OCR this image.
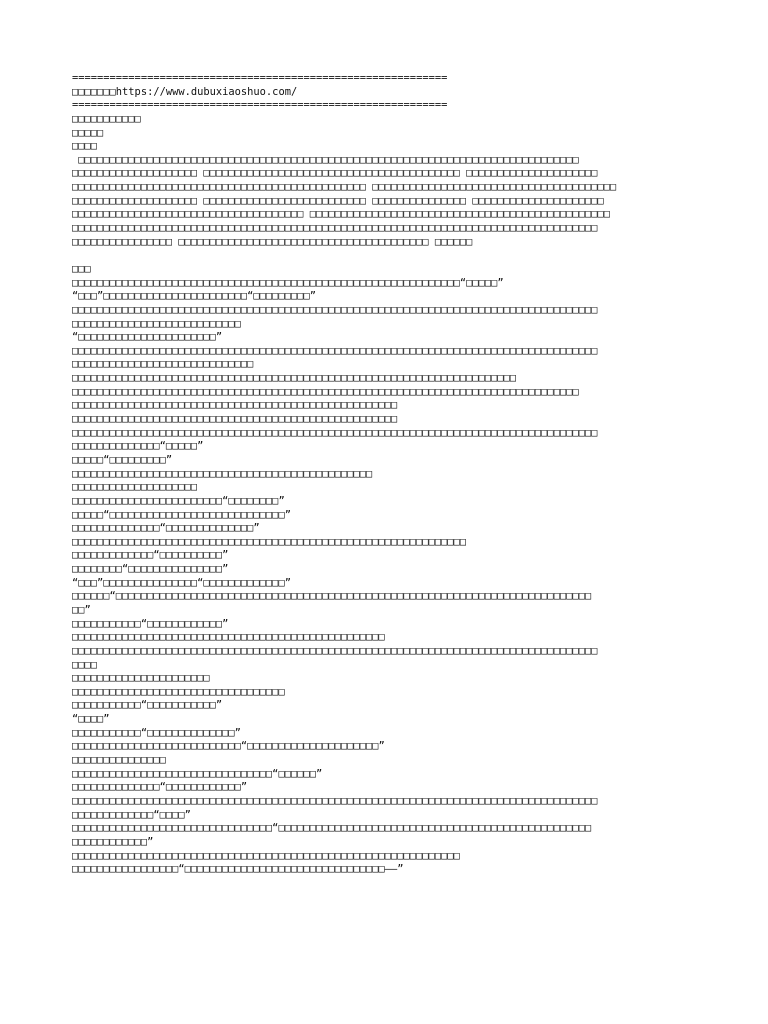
============================================================
□□□□□□□https://www.dubuxiaoshuo.com/
============================================================
□□□□□□□□□□□
□□□□□
□□□□
□□□□□□□□□□□□□□□□□□□□□□□□□□□□□□□□□□□□□□□□□□□□□□□□□□□□□□□□□□□□□□□□□□□□□□□□□□□□□□□□
□□□□□□□□□□□□□□□□□□□□ □□□□□□□□□□□□□□□□□□□□□□□□□□□□□□□□□□□□□□□□□ □□□□□□□□□□□□□□□□□□□□□
□□□□□□□□□□□□□□□□□□□□□□□□□□□□□□□□□□□□□□□□□□□□□□□ □□□□□□□□□□□□□□□□□□□□□□□□□□□□□□□□□□□□□□□
□□□□□□□□□□□□□□□□□□□□ □□□□□□□□□□□□□□□□□□□□□□□□□□ □□□□□□□□□□□□□□□ □□□□□□□□□□□□□□□□□□□□□
□□□□□□□□□□□□□□□□□□□□□□□□□□□□□□□□□□□□□ □□□□□□□□□□□□□□□□□□□□□□□□□□□□□□□□□□□□□□□□□□□□□□□□
□□□□□□□□□□□□□□□□□□□□□□□□□□□□□□□□□□□□□□□□□□□□□□□□□□□□□□□□□□□□□□□□□□□□□□□□□□□□□□□□□□□□
□□□□□□□□□□□□□□□□ □□□□□□□□□□□□□□□□□□□□□□□□□□□□□□□□□□□□□□□□ □□□□□□
□□□
□□□□□□□□□□□□□□□□□□□□□□□□□□□□□□□□□□□□□□□□□□□□□□□□□□□□□□□□□□□□□□“□□□□□”
“□□□”□□□□□□□□□□□□□□□□□□□□□□□“□□□□□□□□□”
□□□□□□□□□□□□□□□□□□□□□□□□□□□□□□□□□□□□□□□□□□□□□□□□□□□□□□□□□□□□□□□□□□□□□□□□□□□□□□□□□□□□
□□□□□□□□□□□□□□□□□□□□□□□□□□□
“□□□□□□□□□□□□□□□□□□□□□□”
□□□□□□□□□□□□□□□□□□□□□□□□□□□□□□□□□□□□□□□□□□□□□□□□□□□□□□□□□□□□□□□□□□□□□□□□□□□□□□□□□□□□
□□□□□□□□□□□□□□□□□□□□□□□□□□□□□
□□□□□□□□□□□□□□□□□□□□□□□□□□□□□□□□□□□□□□□□□□□□□□□□□□□□□□□□□□□□□□□□□□□□□□□
□□□□□□□□□□□□□□□□□□□□□□□□□□□□□□□□□□□□□□□□□□□□□□□□□□□□□□□□□□□□□□□□□□□□□□□□□□□□□□□□□
□□□□□□□□□□□□□□□□□□□□□□□□□□□□□□□□□□□□□□□□□□□□□□□□□□□□
□□□□□□□□□□□□□□□□□□□□□□□□□□□□□□□□□□□□□□□□□□□□□□□□□□□□
□□□□□□□□□□□□□□□□□□□□□□□□□□□□□□□□□□□□□□□□□□□□□□□□□□□□□□□□□□□□□□□□□□□□□□□□□□□□□□□□□□□□
□□□□□□□□□□□□□□“□□□□□”
□□□□□“□□□□□□□□□”
□□□□□□□□□□□□□□□□□□□□□□□□□□□□□□□□□□□□□□□□□□□□□□□□
□□□□□□□□□□□□□□□□□□□□
□□□□□□□□□□□□□□□□□□□□□□□□“□□□□□□□□”
□□□□□“□□□□□□□□□□□□□□□□□□□□□□□□□□□□”
□□□□□□□□□□□□□□“□□□□□□□□□□□□□□”
□□□□□□□□□□□□□□□□□□□□□□□□□□□□□□□□□□□□□□□□□□□□□□□□□□□□□□□□□□□□□□□
□□□□□□□□□□□□□“□□□□□□□□□□”
□□□□□□□□“□□□□□□□□□□□□□□□”
“□□□”□□□□□□□□□□□□□□□“□□□□□□□□□□□□□”
□□□□□□“□□□□□□□□□□□□□□□□□□□□□□□□□□□□□□□□□□□□□□□□□□□□□□□□□□□□□□□□□□□□□□□□□□□□□□□□□□□□
□□”
□□□□□□□□□□□“□□□□□□□□□□□□”
□□□□□□□□□□□□□□□□□□□□□□□□□□□□□□□□□□□□□□□□□□□□□□□□□□
□□□□□□□□□□□□□□□□□□□□□□□□□□□□□□□□□□□□□□□□□□□□□□□□□□□□□□□□□□□□□□□□□□□□□□□□□□□□□□□□□□□□
□□□□
□□□□□□□□□□□□□□□□□□□□□□
□□□□□□□□□□□□□□□□□□□□□□□□□□□□□□□□□□
□□□□□□□□□□□“□□□□□□□□□□□”
“□□□□”
□□□□□□□□□□□“□□□□□□□□□□□□□□”
□□□□□□□□□□□□□□□□□□□□□□□□□□□“□□□□□□□□□□□□□□□□□□□□□”
□□□□□□□□□□□□□□□
□□□□□□□□□□□□□□□□□□□□□□□□□□□□□□□□“□□□□□□”
□□□□□□□□□□□□□□“□□□□□□□□□□□□”
□□□□□□□□□□□□□□□□□□□□□□□□□□□□□□□□□□□□□□□□□□□□□□□□□□□□□□□□□□□□□□□□□□□□□□□□□□□□□□□□□□□□
□□□□□□□□□□□□□“□□□□”
□□□□□□□□□□□□□□□□□□□□□□□□□□□□□□□□“□□□□□□□□□□□□□□□□□□□□□□□□□□□□□□□□□□□□□□□□□□□□□□□□□□
□□□□□□□□□□□□”
□□□□□□□□□□□□□□□□□□□□□□□□□□□□□□□□□□□□□□□□□□□□□□□□□□□□□□□□□□□□□□
□□□□□□□□□□□□□□□□□“□□□□□□□□□□□□□□□□□□□□□□□□□□□□□□□□——”
